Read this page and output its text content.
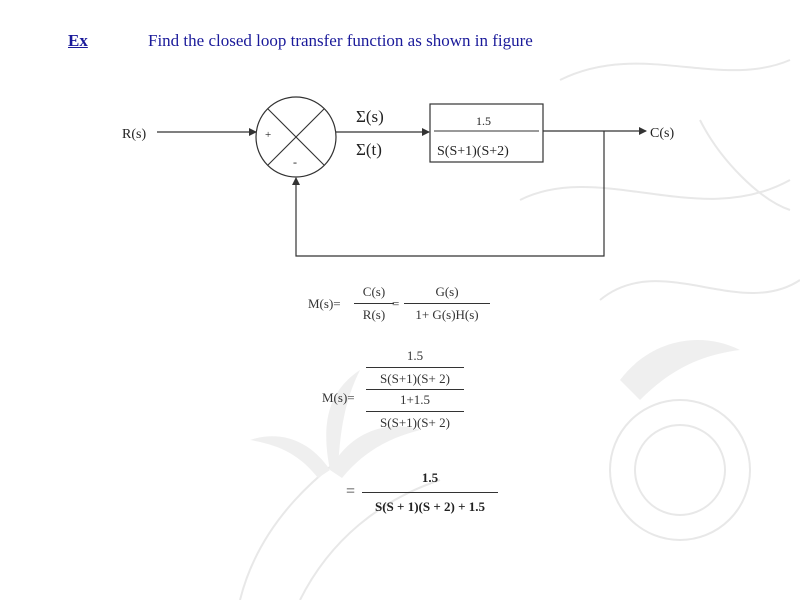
Ex	Find the closed loop transfer function as shown in figure
R(s)	C(s)
+
-
Σ(s)
Σ(t)
1.5
S(S+1)(S+2)
M(s)=
C(s)
R(s)
=
G(s)
1+ G(s)H(s)
M(s)=
1.5
S(S+1)(S+ 2)
1+1.5
S(S+1)(S+ 2)
=
1.5
S(S + 1)(S + 2) + 1.5
